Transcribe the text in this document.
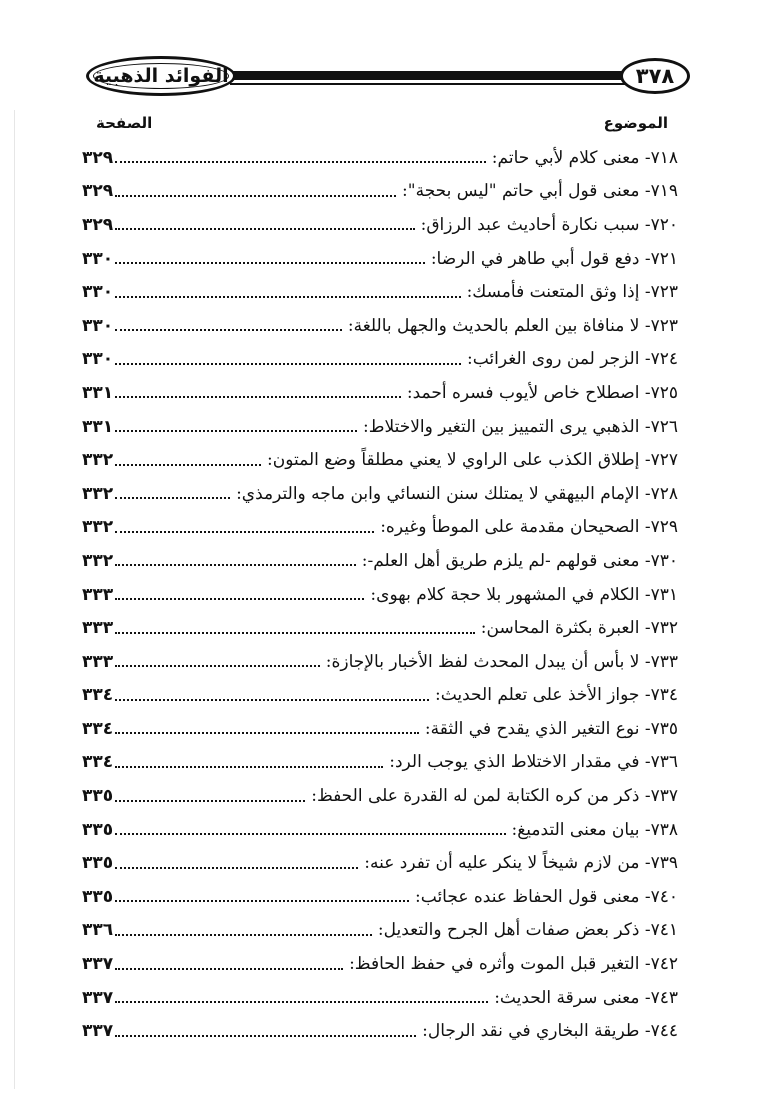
الفوائد الذهبية	٣٧٨
الموضوع
الصفحة
٧١٨- معنى كلام لأبي حاتم:
٣٢٩
٧١٩- معنى قول أبي حاتم "ليس بحجة":
٣٢٩
٧٢٠- سبب نكارة أحاديث عبد الرزاق:
٣٢٩
٧٢١- دفع قول أبي طاهر في الرضا:
٣٣٠
٧٢٣- إذا وثق المتعنت فأمسك:
٣٣٠
٧٢٣- لا منافاة بين العلم بالحديث والجهل باللغة:
٣٣٠
٧٢٤- الزجر لمن روى الغرائب:
٣٣٠
٧٢٥- اصطلاح خاص لأيوب فسره أحمد:
٣٣١
٧٢٦- الذهبي يرى التمييز بين التغير والاختلاط:
٣٣١
٧٢٧- إطلاق الكذب على الراوي لا يعني مطلقاً وضع المتون:
٣٣٢
٧٢٨- الإمام البيهقي لا يمتلك سنن النسائي وابن ماجه والترمذي:
٣٣٢
٧٢٩- الصحيحان مقدمة على الموطأ وغيره:
٣٣٢
٧٣٠- معنى قولهم -لم يلزم طريق أهل العلم-:
٣٣٢
٧٣١- الكلام في المشهور بلا حجة كلام بهوى:
٣٣٣
٧٣٢- العبرة بكثرة المحاسن:
٣٣٣
٧٣٣- لا بأس أن يبدل المحدث لفظ الأخبار بالإجازة:
٣٣٣
٧٣٤- جواز الأخذ على تعلم الحديث:
٣٣٤
٧٣٥- نوع التغير الذي يقدح في الثقة:
٣٣٤
٧٣٦- في مقدار الاختلاط الذي يوجب الرد:
٣٣٤
٧٣٧- ذكر من كره الكتابة لمن له القدرة على الحفظ:
٣٣٥
٧٣٨- بيان معنى التدميغ:
٣٣٥
٧٣٩- من لازم شيخاً لا ينكر عليه أن تفرد عنه:
٣٣٥
٧٤٠- معنى قول الحفاظ عنده عجائب:
٣٣٥
٧٤١- ذكر بعض صفات أهل الجرح والتعديل:
٣٣٦
٧٤٢- التغير قبل الموت وأثره في حفظ الحافظ:
٣٣٧
٧٤٣- معنى سرقة الحديث:
٣٣٧
٧٤٤- طريقة البخاري في نقد الرجال:
٣٣٧
